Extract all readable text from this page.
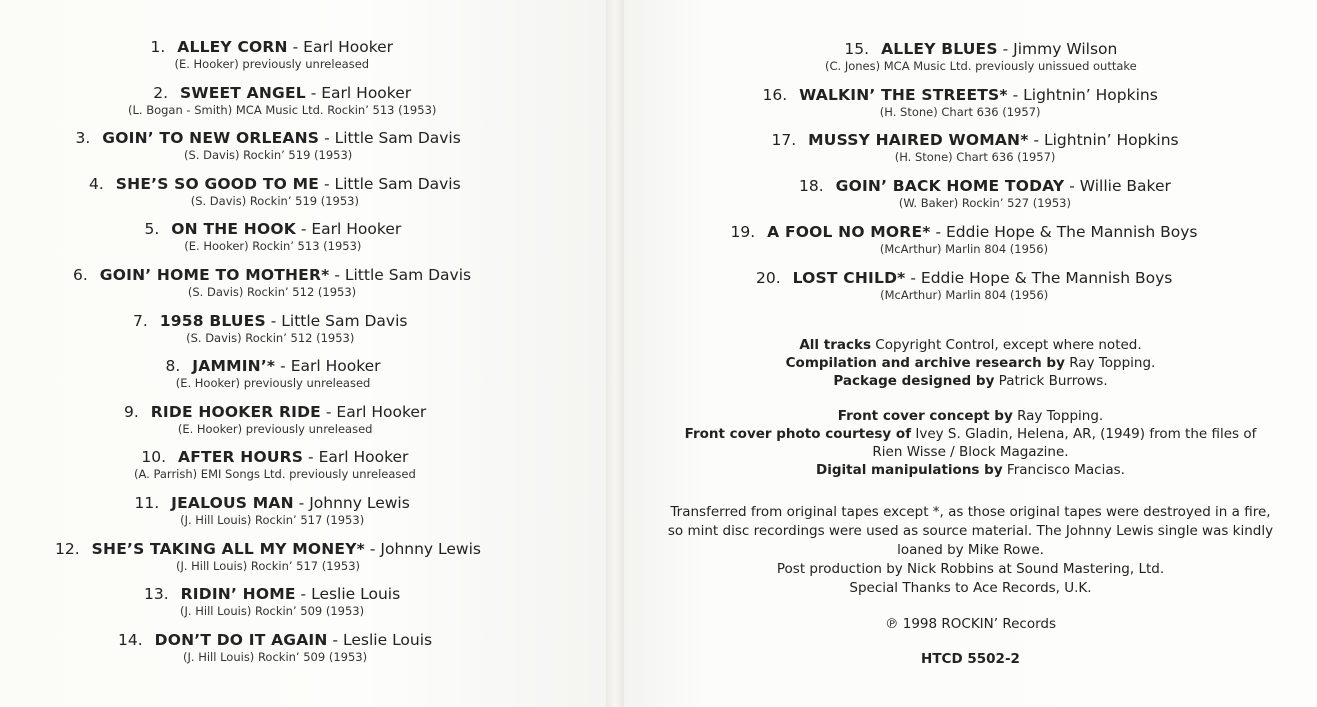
1. ALLEY CORN - Earl Hooker
(E. Hooker) previously unreleased
2. SWEET ANGEL - Earl Hooker
(L. Bogan - Smith) MCA Music Ltd. Rockin’ 513 (1953)
3. GOIN’ TO NEW ORLEANS - Little Sam Davis
(S. Davis) Rockin’ 519 (1953)
4. SHE’S SO GOOD TO ME - Little Sam Davis
(S. Davis) Rockin’ 519 (1953)
5. ON THE HOOK - Earl Hooker
(E. Hooker) Rockin’ 513 (1953)
6. GOIN’ HOME TO MOTHER* - Little Sam Davis
(S. Davis) Rockin’ 512 (1953)
7. 1958 BLUES - Little Sam Davis
(S. Davis) Rockin’ 512 (1953)
8. JAMMIN’* - Earl Hooker
(E. Hooker) previously unreleased
9. RIDE HOOKER RIDE - Earl Hooker
(E. Hooker) previously unreleased
10. AFTER HOURS - Earl Hooker
(A. Parrish) EMI Songs Ltd. previously unreleased
11. JEALOUS MAN - Johnny Lewis
(J. Hill Louis) Rockin’ 517 (1953)
12. SHE’S TAKING ALL MY MONEY* - Johnny Lewis
(J. Hill Louis) Rockin’ 517 (1953)
13. RIDIN’ HOME - Leslie Louis
(J. Hill Louis) Rockin’ 509 (1953)
14. DON’T DO IT AGAIN - Leslie Louis
(J. Hill Louis) Rockin’ 509 (1953)

All tracks Copyright Control, except where noted.

Compilation and archive research by Ray Topping.

Package designed by Patrick Burrows.

Front cover concept by Ray Topping.

Front cover photo courtesy of Ivey S. Gladin, Helena, AR, (1949) from the files of

Rien Wisse / Block Magazine.

Digital manipulations by Francisco Macias.

Transferred from original tapes except *, as those original tapes were destroyed in a fire,
so mint disc recordings were used as source material. The Johnny Lewis single was kindly
loaned by Mike Rowe.
Post production by Nick Robbins at Sound Mastering, Ltd.
Special Thanks to Ace Records, U.K.
℗ 1998 ROCKIN’ Records
HTCD 5502-2
15. ALLEY BLUES - Jimmy Wilson
(C. Jones) MCA Music Ltd. previously unissued outtake
16. WALKIN’ THE STREETS* - Lightnin’ Hopkins
(H. Stone) Chart 636 (1957)
17. MUSSY HAIRED WOMAN* - Lightnin’ Hopkins
(H. Stone) Chart 636 (1957)
18. GOIN’ BACK HOME TODAY - Willie Baker
(W. Baker) Rockin’ 527 (1953)
19. A FOOL NO MORE* - Eddie Hope & The Mannish Boys
(McArthur) Marlin 804 (1956)
20. LOST CHILD* - Eddie Hope & The Mannish Boys
(McArthur) Marlin 804 (1956)
